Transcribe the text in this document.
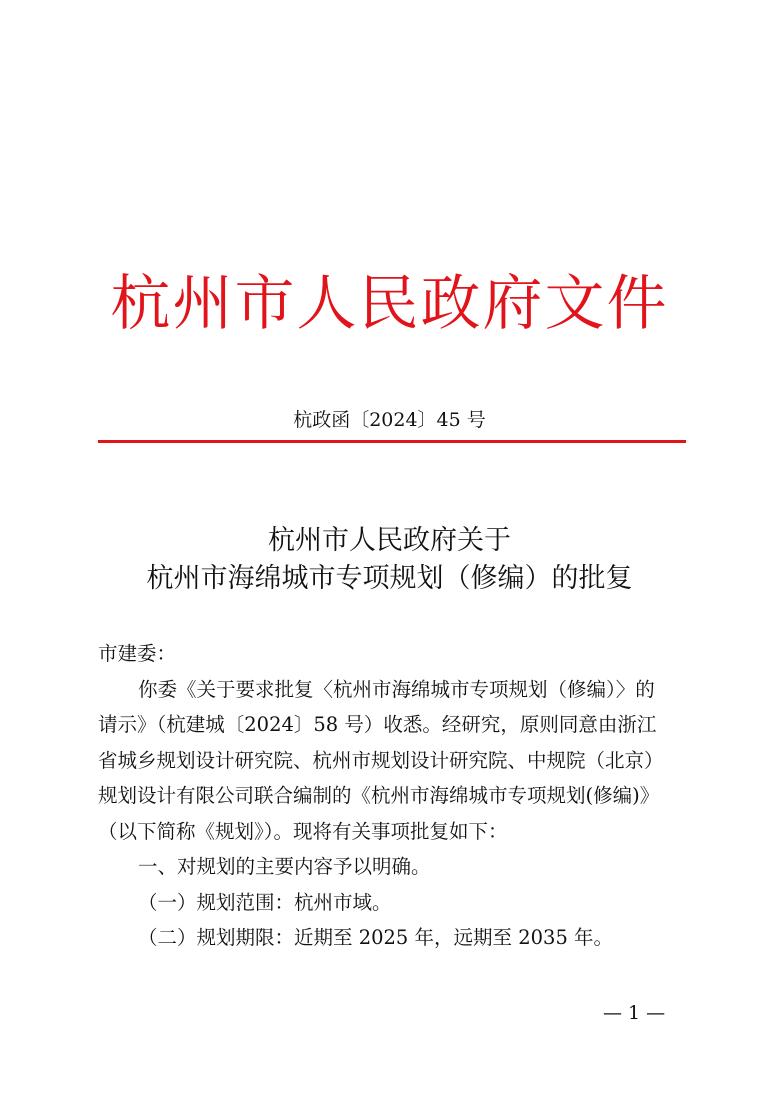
杭州市人民政府文件
杭政函〔2024〕45 号
杭州市人民政府关于
杭州市海绵城市专项规划（修编）的批复

市建委：

你委《关于要求批复〈杭州市海绵城市专项规划（修编）〉的

请示》（杭建城〔2024〕58 号）收悉。经研究，原则同意由浙江

省城乡规划设计研究院、杭州市规划设计研究院、中规院（北京）

规划设计有限公司联合编制的《杭州市海绵城市专项规划(修编)》

（以下简称《规划》）。现将有关事项批复如下：

一、对规划的主要内容予以明确。

（一）规划范围：杭州市域。

（二）规划期限：近期至 2025 年，远期至 2035 年。

— 1 —
